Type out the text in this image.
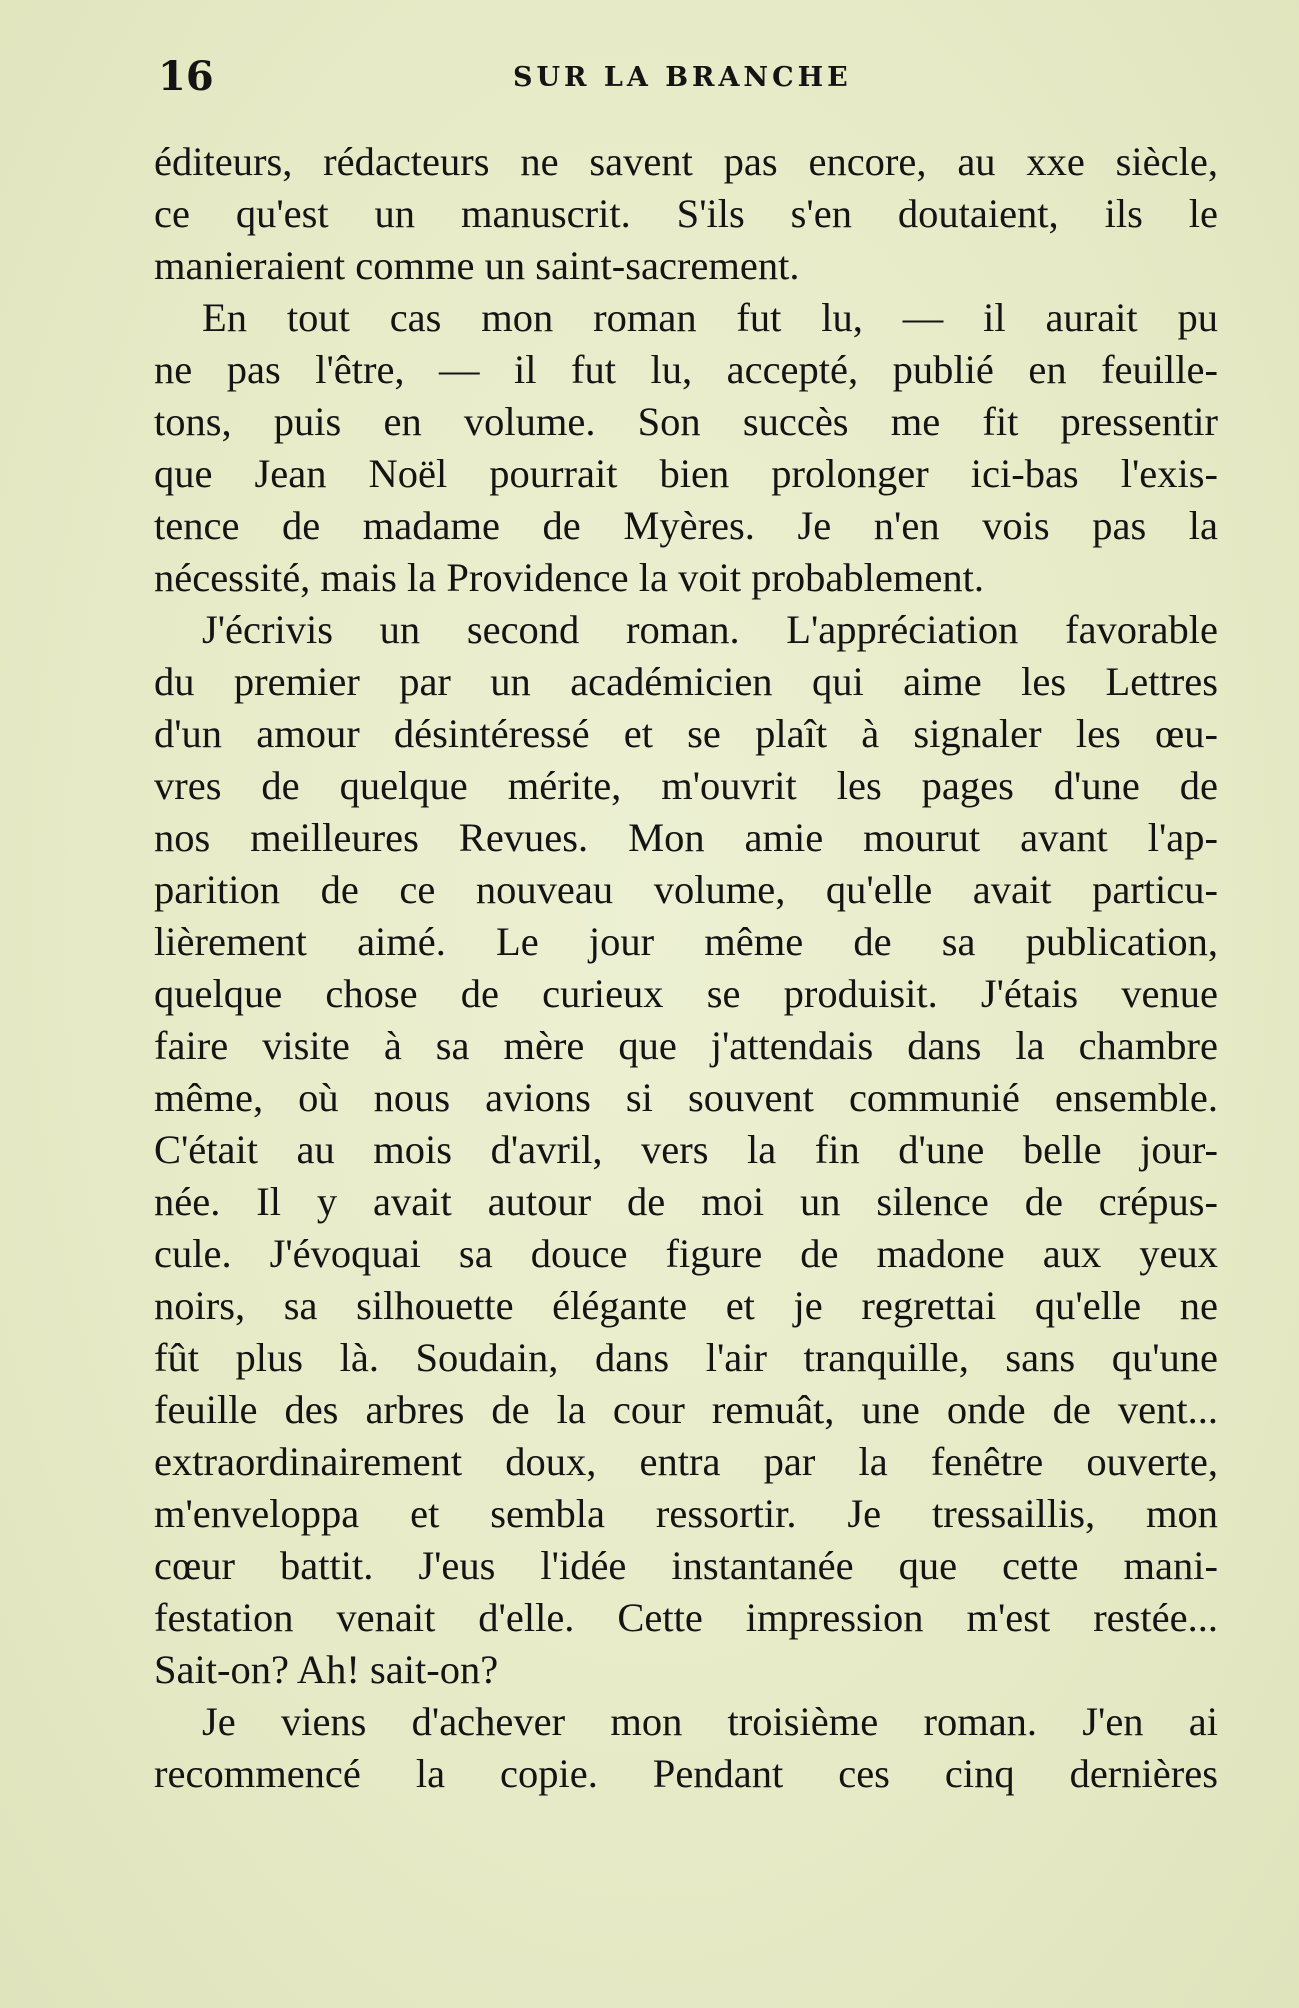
16	SUR LA BRANCHE
éditeurs, rédacteurs ne savent pas encore, au xxe siècle,
ce qu'est un manuscrit. S'ils s'en doutaient, ils le
manieraient comme un saint-sacrement.
En tout cas mon roman fut lu, — il aurait pu
ne pas l'être, — il fut lu, accepté, publié en feuille-
tons, puis en volume. Son succès me fit pressentir
que Jean Noël pourrait bien prolonger ici-bas l'exis-
tence de madame de Myères. Je n'en vois pas la
nécessité, mais la Providence la voit probablement.
J'écrivis un second roman. L'appréciation favorable
du premier par un académicien qui aime les Lettres
d'un amour désintéressé et se plaît à signaler les œu-
vres de quelque mérite, m'ouvrit les pages d'une de
nos meilleures Revues. Mon amie mourut avant l'ap-
parition de ce nouveau volume, qu'elle avait particu-
lièrement aimé. Le jour même de sa publication,
quelque chose de curieux se produisit. J'étais venue
faire visite à sa mère que j'attendais dans la chambre
même, où nous avions si souvent communié ensemble.
C'était au mois d'avril, vers la fin d'une belle jour-
née. Il y avait autour de moi un silence de crépus-
cule. J'évoquai sa douce figure de madone aux yeux
noirs, sa silhouette élégante et je regrettai qu'elle ne
fût plus là. Soudain, dans l'air tranquille, sans qu'une
feuille des arbres de la cour remuât, une onde de vent...
extraordinairement doux, entra par la fenêtre ouverte,
m'enveloppa et sembla ressortir. Je tressaillis, mon
cœur battit. J'eus l'idée instantanée que cette mani-
festation venait d'elle. Cette impression m'est restée...
Sait-on? Ah! sait-on?
Je viens d'achever mon troisième roman. J'en ai
recommencé la copie. Pendant ces cinq dernières
